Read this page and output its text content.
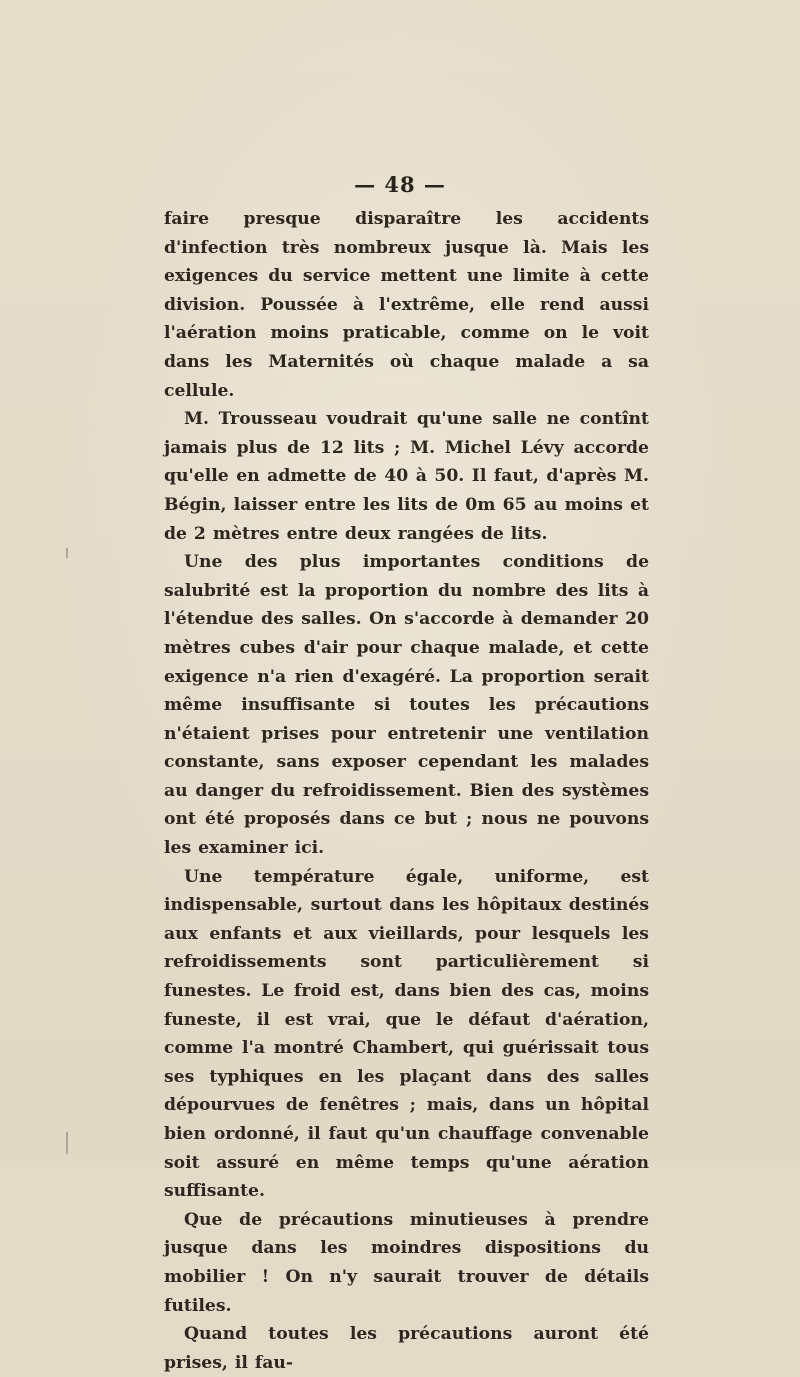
— 48 —

faire presque disparaître les accidents d'infection très nombreux jusque là. Mais les exigences du service mettent une limite à cette division. Poussée à l'extrême, elle rend aussi l'aération moins praticable, comme on le voit dans les Maternités où chaque malade a sa cellule.

M. Trousseau voudrait qu'une salle ne contînt jamais plus de 12 lits ; M. Michel Lévy accorde qu'elle en admette de 40 à 50. Il faut, d'après M. Bégin, laisser entre les lits de 0m 65 au moins et de 2 mètres entre deux rangées de lits.

Une des plus importantes conditions de salubrité est la proportion du nombre des lits à l'étendue des salles. On s'accorde à demander 20 mètres cubes d'air pour chaque malade, et cette exigence n'a rien d'exagéré. La proportion serait même insuffisante si toutes les précautions n'étaient prises pour entretenir une ventilation constante, sans exposer cependant les malades au danger du refroidissement. Bien des systèmes ont été proposés dans ce but ; nous ne pouvons les examiner ici.

Une température égale, uniforme, est indispensable, surtout dans les hôpitaux destinés aux enfants et aux vieillards, pour lesquels les refroidissements sont particulièrement si funestes. Le froid est, dans bien des cas, moins funeste, il est vrai, que le défaut d'aération, comme l'a montré Chambert, qui guérissait tous ses typhiques en les plaçant dans des salles dépourvues de fenêtres ; mais, dans un hôpital bien ordonné, il faut qu'un chauffage convenable soit assuré en même temps qu'une aération suffisante.

Que de précautions minutieuses à prendre jusque dans les moindres dispositions du mobilier ! On n'y saurait trouver de détails futiles.

Quand toutes les précautions auront été prises, il fau-
